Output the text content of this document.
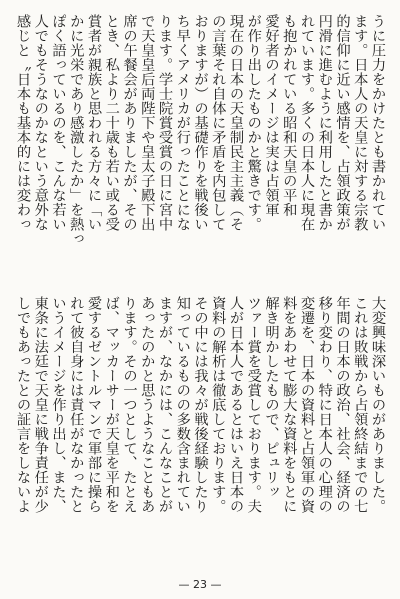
うに圧力をかけたとも書かれてい
ます。日本人の天皇に対する宗教
的信仰に近い感情を、占領政策が
円滑に進むように利用したと書か
れています。多くの日本人に現在
も抱かれている昭和天皇の平和
愛好者のイメージは実は占領軍
が作り出したものかと驚きです。
現在の日本の天皇制民主主義（そ
の言葉それ自体に矛盾を内包して
おりますが）の基礎作りを戦後い
ち早くアメリカが行ったことにな
ります。学士院賞受賞の日に宮中
で天皇皇后両陛下や皇太子殿下出
席の午餐会がありましたが、その
とき、私より二十歳も若い或る受
賞者が親族と思われる方々に「い
かに光栄であり感激したか」を熱っ
ぽく語っているのを、こんな若い
人でもそうなのかなという意外な
感じと〝日本も基本的には変わっ
大変興味深いものがありました。
これは敗戦から占領終結までの七
年間の日本の政治、社会、経済の
移り変わり、特に日本人の心理の
変遷を、日本の資料と占領軍の資
料をあわせて膨大な資料をもとに
解き明かしたもので、ピュリッ
ツァー賞を受賞しております。夫
人が日本人であるとはいえ日本の
資料の解析は徹底しております。
その中には我々が戦後経験したり
知っているものの多数含まれてい
ますが、なかには、こんなことが
あったのかと思うようなこともあ
ります。その一つとして、たとえ
ば、マッカーサーが天皇を平和を
愛するゼントルマンで軍部に操ら
れて彼自身には責任がなかったと
いうイメージを作り出し、また、
東条に法廷で天皇に戦争責任が少
しでもあったとの証言をしないよ
— 23 —
